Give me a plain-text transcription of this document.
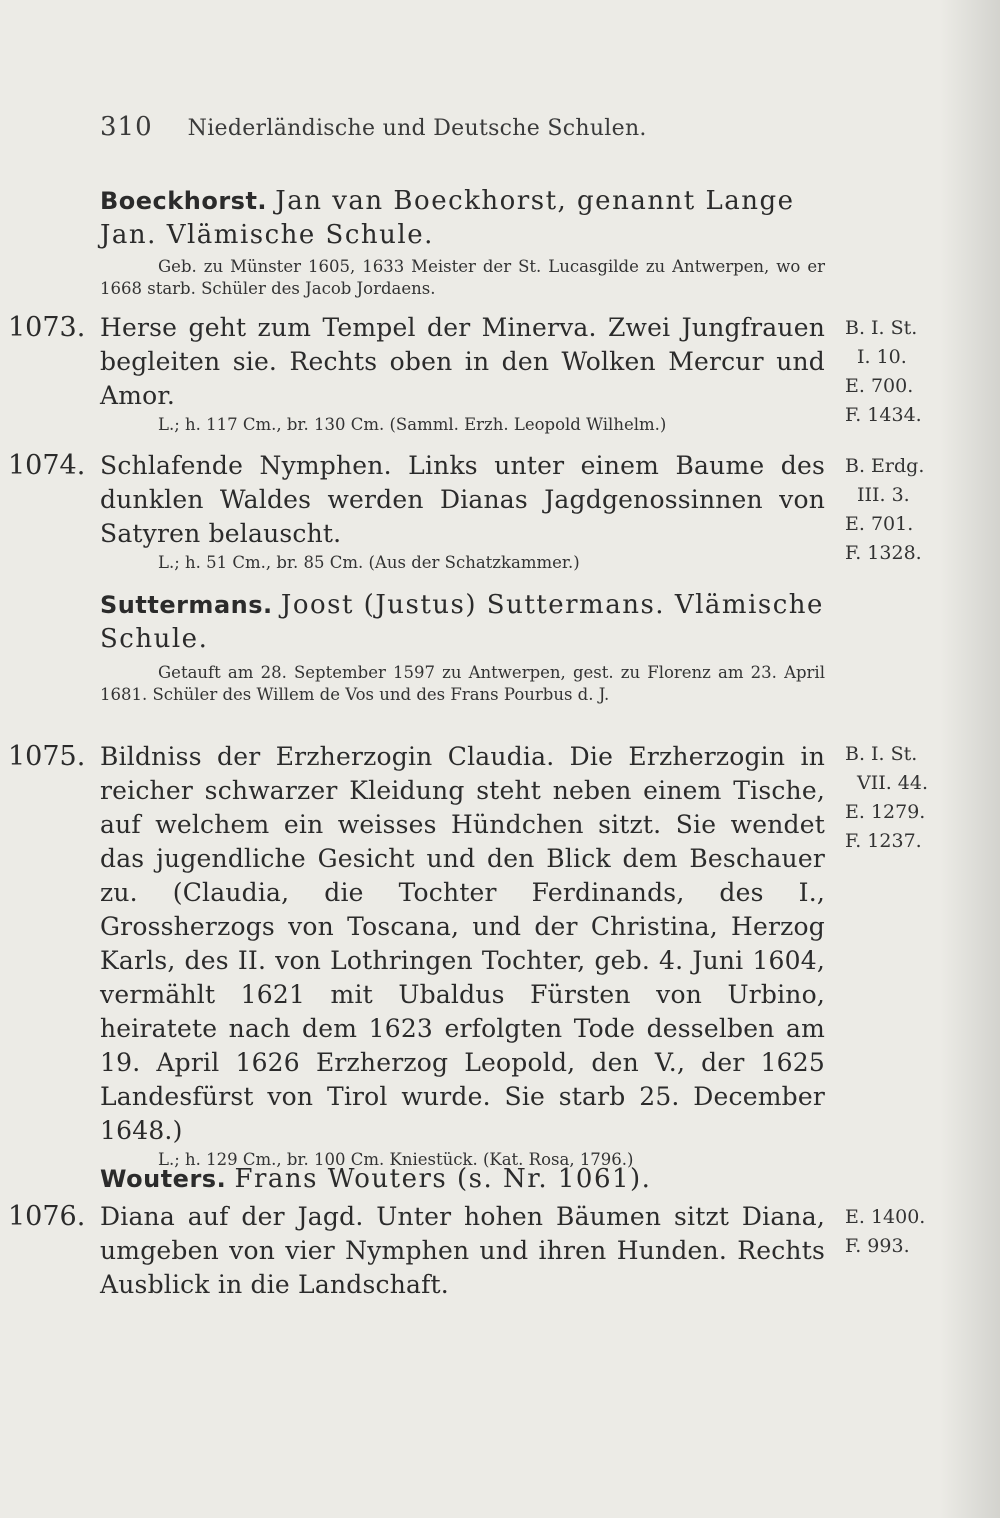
310 Niederländische und Deutsche Schulen.
Boeckhorst. Jan van Boeckhorst, genannt Lange Jan. Vlämische Schule.
Geb. zu Münster 1605, 1633 Meister der St. Lucasgilde zu Antwerpen, wo er 1668 starb. Schüler des Jacob Jordaens.
1073. Herse geht zum Tempel der Minerva. Zwei Jungfrauen begleiten sie. Rechts oben in den Wolken Mercur und Amor.
L.; h. 117 Cm., br. 130 Cm. (Samml. Erzh. Leopold Wilhelm.)
B. I. St.
I. 10.
E. 700.
F. 1434.
1074. Schlafende Nymphen. Links unter einem Baume des dunklen Waldes werden Dianas Jagdgenossinnen von Satyren belauscht.
L.; h. 51 Cm., br. 85 Cm. (Aus der Schatzkammer.)
B. Erdg.
III. 3.
E. 701.
F. 1328.
Suttermans. Joost (Justus) Suttermans. Vlämische Schule.
Getauft am 28. September 1597 zu Antwerpen, gest. zu Florenz am 23. April 1681. Schüler des Willem de Vos und des Frans Pourbus d. J.
1075. Bildniss der Erzherzogin Claudia. Die Erzherzogin in reicher schwarzer Kleidung steht neben einem Tische, auf welchem ein weisses Hündchen sitzt. Sie wendet das jugendliche Gesicht und den Blick dem Beschauer zu. (Claudia, die Tochter Ferdinands, des I., Grossherzogs von Toscana, und der Christina, Herzog Karls, des II. von Lothringen Tochter, geb. 4. Juni 1604, vermählt 1621 mit Ubaldus Fürsten von Urbino, heiratete nach dem 1623 erfolgten Tode desselben am 19. April 1626 Erzherzog Leopold, den V., der 1625 Landesfürst von Tirol wurde. Sie starb 25. December 1648.)
L.; h. 129 Cm., br. 100 Cm. Kniestück. (Kat. Rosa, 1796.)
B. I. St.
VII. 44.
E. 1279.
F. 1237.
Wouters. Frans Wouters (s. Nr. 1061).
1076. Diana auf der Jagd. Unter hohen Bäumen sitzt Diana, umgeben von vier Nymphen und ihren Hunden. Rechts Ausblick in die Landschaft.
E. 1400.
F. 993.
